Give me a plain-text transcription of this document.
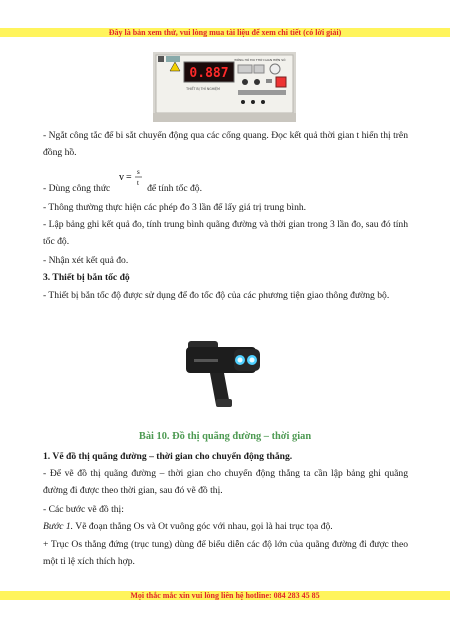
Đây là bản xem thử, vui lòng mua tài liệu để xem chi tiết (có lời giải)
0.887
ĐỒNG HỒ ĐO THỜI GIAN HIỆN SỐ
THIẾT BỊ THÍ NGHIỆM
- Ngắt công tắc để bi sắt chuyển động qua các cổng quang. Đọc kết quả thời gian t hiển thị trên đồng hồ.
- Dùng công thức	để tính tốc độ.
v = s
t
- Thông thường thực hiện các phép đo 3 lần để lấy giá trị trung bình.
- Lập bảng ghi kết quả đo, tính trung bình quãng đường và thời gian trong 3 lần đo, sau đó tính tốc độ.
- Nhận xét kết quả đo.
3. Thiết bị bắn tốc độ
- Thiết bị bắn tốc độ được sử dụng để đo tốc độ của các phương tiện giao thông đường bộ.
Bài 10. Đồ thị quãng đường – thời gian
1. Vẽ đồ thị quãng đường – thời gian cho chuyển động thẳng.
- Để vẽ đồ thị quãng đường – thời gian cho chuyển động thẳng ta cần lập bảng ghi quãng đường đi được theo thời gian, sau đó vẽ đồ thị.
- Các bước vẽ đồ thị:
Bước 1. Vẽ đoạn thẳng Os và Ot vuông góc với nhau, gọi là hai trục tọa độ.
+ Trục Os thẳng đứng (trục tung) dùng để biểu diễn các độ lớn của quãng đường đi được theo một tỉ lệ xích thích hợp.
Mọi thắc mắc xin vui lòng liên hệ hotline: 084 283 45 85
